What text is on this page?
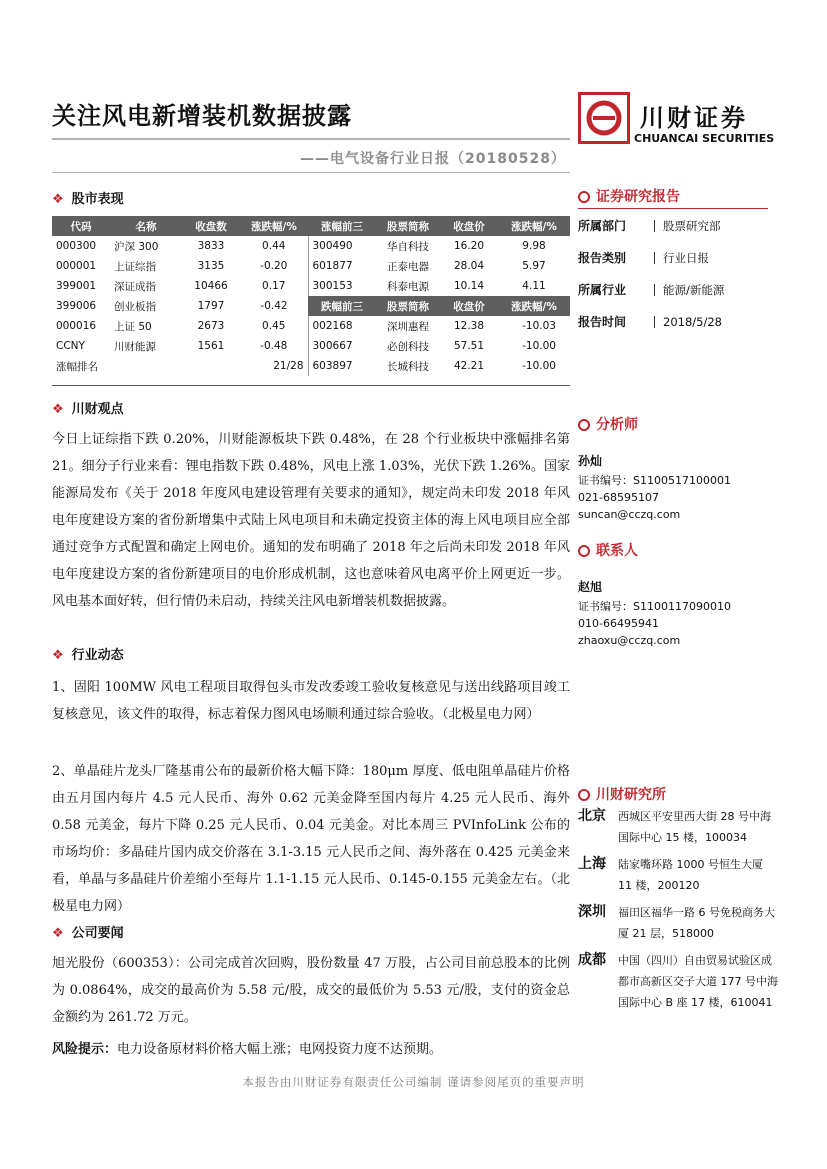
关注风电新增装机数据披露
——电气设备行业日报（20180528）
川财证券
CHUANCAI SECURITIES
❖ 股市表现
代码	名称	收盘数	涨跌幅/%	涨幅前三	股票简称	收盘价	涨跌幅/%
000300	沪深 300	3833	0.44	300490	华自科技	16.20	9.98
000001	上证综指	3135	-0.20	601877	正泰电器	28.04	5.97
399001	深证成指	10466	0.17	300153	科泰电源	10.14	4.11
399006	创业板指	1797	-0.42	跌幅前三	股票简称	收盘价	涨跌幅/%
000016	上证 50	2673	0.45	002168	深圳惠程	12.38	-10.03
CCNY	川财能源	1561	-0.48	300667	必创科技	57.51	-10.00
涨幅排名		21/28		603897	长城科技	42.21	-10.00
❖ 川财观点
今日上证综指下跌 0.20%，川财能源板块下跌 0.48%，在 28 个行业板块中涨幅排名第 21。细分子行业来看：锂电指数下跌 0.48%，风电上涨 1.03%，光伏下跌 1.26%。国家能源局发布《关于 2018 年度风电建设管理有关要求的通知》，规定尚未印发 2018 年风电年度建设方案的省份新增集中式陆上风电项目和未确定投资主体的海上风电项目应全部通过竞争方式配置和确定上网电价。通知的发布明确了 2018 年之后尚未印发 2018 年风电年度建设方案的省份新建项目的电价形成机制，这也意味着风电离平价上网更近一步。风电基本面好转，但行情仍未启动，持续关注风电新增装机数据披露。
❖ 行业动态
1、固阳 100MW 风电工程项目取得包头市发改委竣工验收复核意见与送出线路项目竣工复核意见，该文件的取得，标志着保力图风电场顺利通过综合验收。（北极星电力网）
2、单晶硅片龙头厂隆基甫公布的最新价格大幅下降：180μm 厚度、低电阻单晶硅片价格由五月国内每片 4.5 元人民币、海外 0.62 元美金降至国内每片 4.25 元人民币、海外 0.58 元美金，每片下降 0.25 元人民币、0.04 元美金。对比本周三 PVInfoLink 公布的市场均价：多晶硅片国内成交价落在 3.1-3.15 元人民币之间、海外落在 0.425 元美金来看，单晶与多晶硅片价差缩小至每片 1.1-1.15 元人民币、0.145-0.155 元美金左右。（北极星电力网）
❖ 公司要闻
旭光股份（600353）：公司完成首次回购，股份数量 47 万股，占公司目前总股本的比例为 0.0864%，成交的最高价为 5.58 元/股，成交的最低价为 5.53 元/股，支付的资金总金额约为 261.72 万元。
风险提示：电力设备原材料价格大幅上涨；电网投资力度不达预期。
证券研究报告
所属部门	股票研究部
报告类别	行业日报
所属行业	能源/新能源
报告时间	2018/5/28
分析师
孙灿
证书编号：S1100517100001
021-68595107
suncan@cczq.com
联系人
赵旭
证书编号：S1100117090010
010-66495941
zhaoxu@cczq.com
川财研究所
北京	西城区平安里西大街 28 号中海国际中心 15 楼，100034
上海	陆家嘴环路 1000 号恒生大厦 11 楼，200120
深圳	福田区福华一路 6 号免税商务大厦 21 层，518000
成都	中国（四川）自由贸易试验区成都市高新区交子大道 177 号中海国际中心 B 座 17 楼，610041
本报告由川财证券有限责任公司编制 谨请参阅尾页的重要声明
